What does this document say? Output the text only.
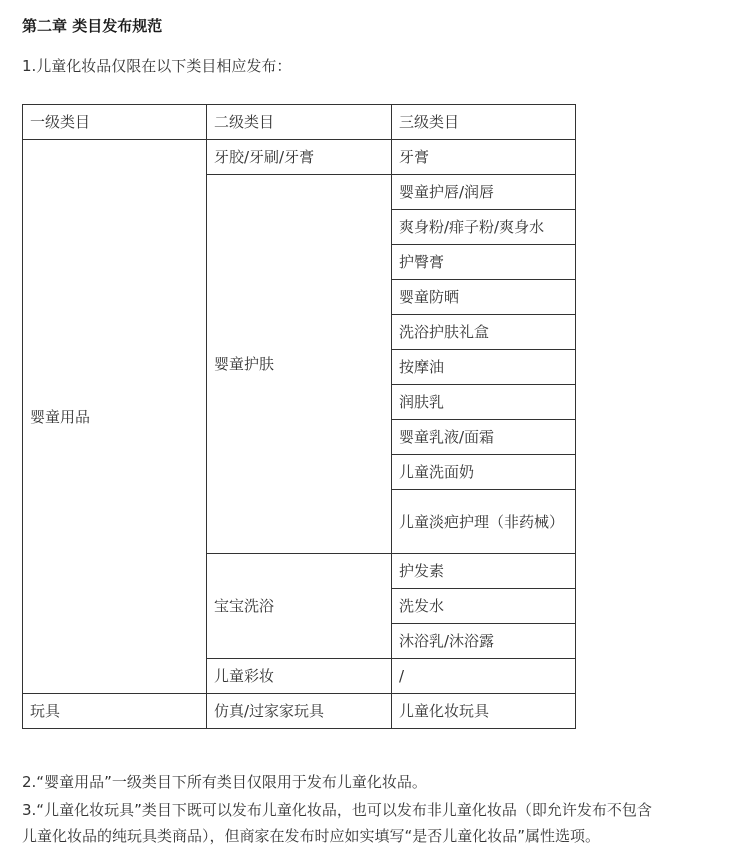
第二章 类目发布规范
1.儿童化妆品仅限在以下类目相应发布：
一级类目	二级类目	三级类目
婴童用品	牙胶/牙刷/牙膏	牙膏
	婴童护肤	婴童护唇/润唇
		爽身粉/痱子粉/爽身水
		护臀膏
		婴童防晒
		洗浴护肤礼盒
		按摩油
		润肤乳
		婴童乳液/面霜
		儿童洗面奶
		儿童淡疤护理（非药械）
	宝宝洗浴	护发素
		洗发水
		沐浴乳/沐浴露
	儿童彩妆	/
玩具	仿真/过家家玩具	儿童化妆玩具
2.“婴童用品”一级类目下所有类目仅限用于发布儿童化妆品。
3.“儿童化妆玩具”类目下既可以发布儿童化妆品，也可以发布非儿童化妆品（即允许发布不包含
儿童化妆品的纯玩具类商品），但商家在发布时应如实填写“是否儿童化妆品”属性选项。
